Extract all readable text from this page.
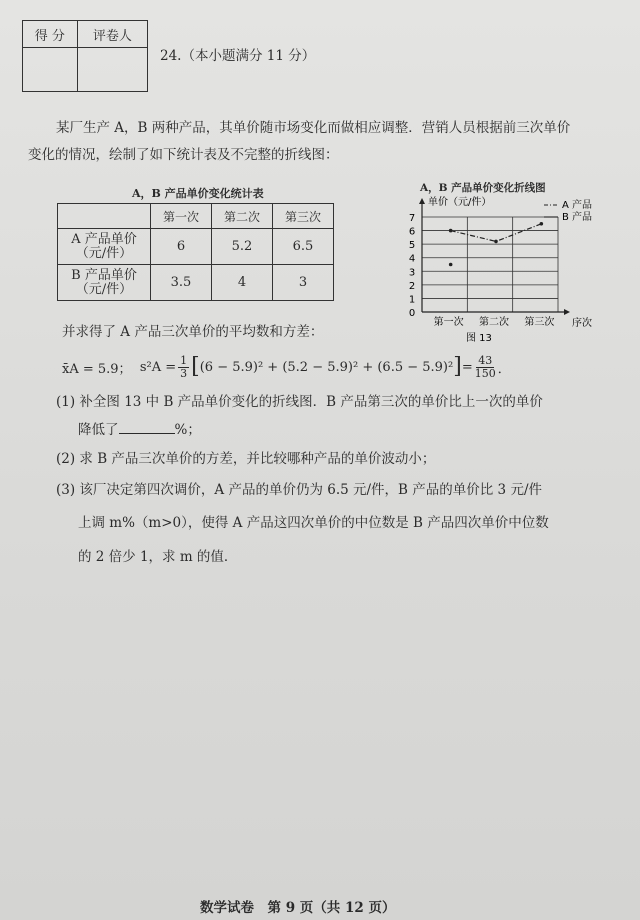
得 分	评卷人

24.（本小题满分 11 分）
某厂生产 A，B 两种产品，其单价随市场变化而做相应调整．营销人员根据前三次单价
变化的情况，绘制了如下统计表及不完整的折线图：
A，B 产品单价变化统计表
	第一次	第二次	第三次

A 产品单价
（元/件）	6	5.2	6.5

B 产品单价
（元/件）	3.5	4	3
A，B 产品单价变化折线图
0
1
2
3
4
5
6
7
第一次 第二次 第三次
A 产品
B 产品
单价（元/件）
序次
图 13
并求得了 A 产品三次单价的平均数和方差：
x̄A = 5.9；
$s^2A = \frac{1}{3}$ [ (6 − 5.9)² + (5.2 − 5.9)² + (6.5 − 5.9)² ] = $\frac{43}{150}$ ．
(1) 补全图 13 中 B 产品单价变化的折线图．B 产品第三次的单价比上一次的单价
降低了	%；
(2) 求 B 产品三次单价的方差，并比较哪种产品的单价波动小；
(3) 该厂决定第四次调价，A 产品的单价仍为 6.5 元/件，B 产品的单价比 3 元/件
上调 m%（m>0），使得 A 产品这四次单价的中位数是 B 产品四次单价中位数
的 2 倍少 1，求 m 的值．
数学试卷　第 9 页（共 12 页）
